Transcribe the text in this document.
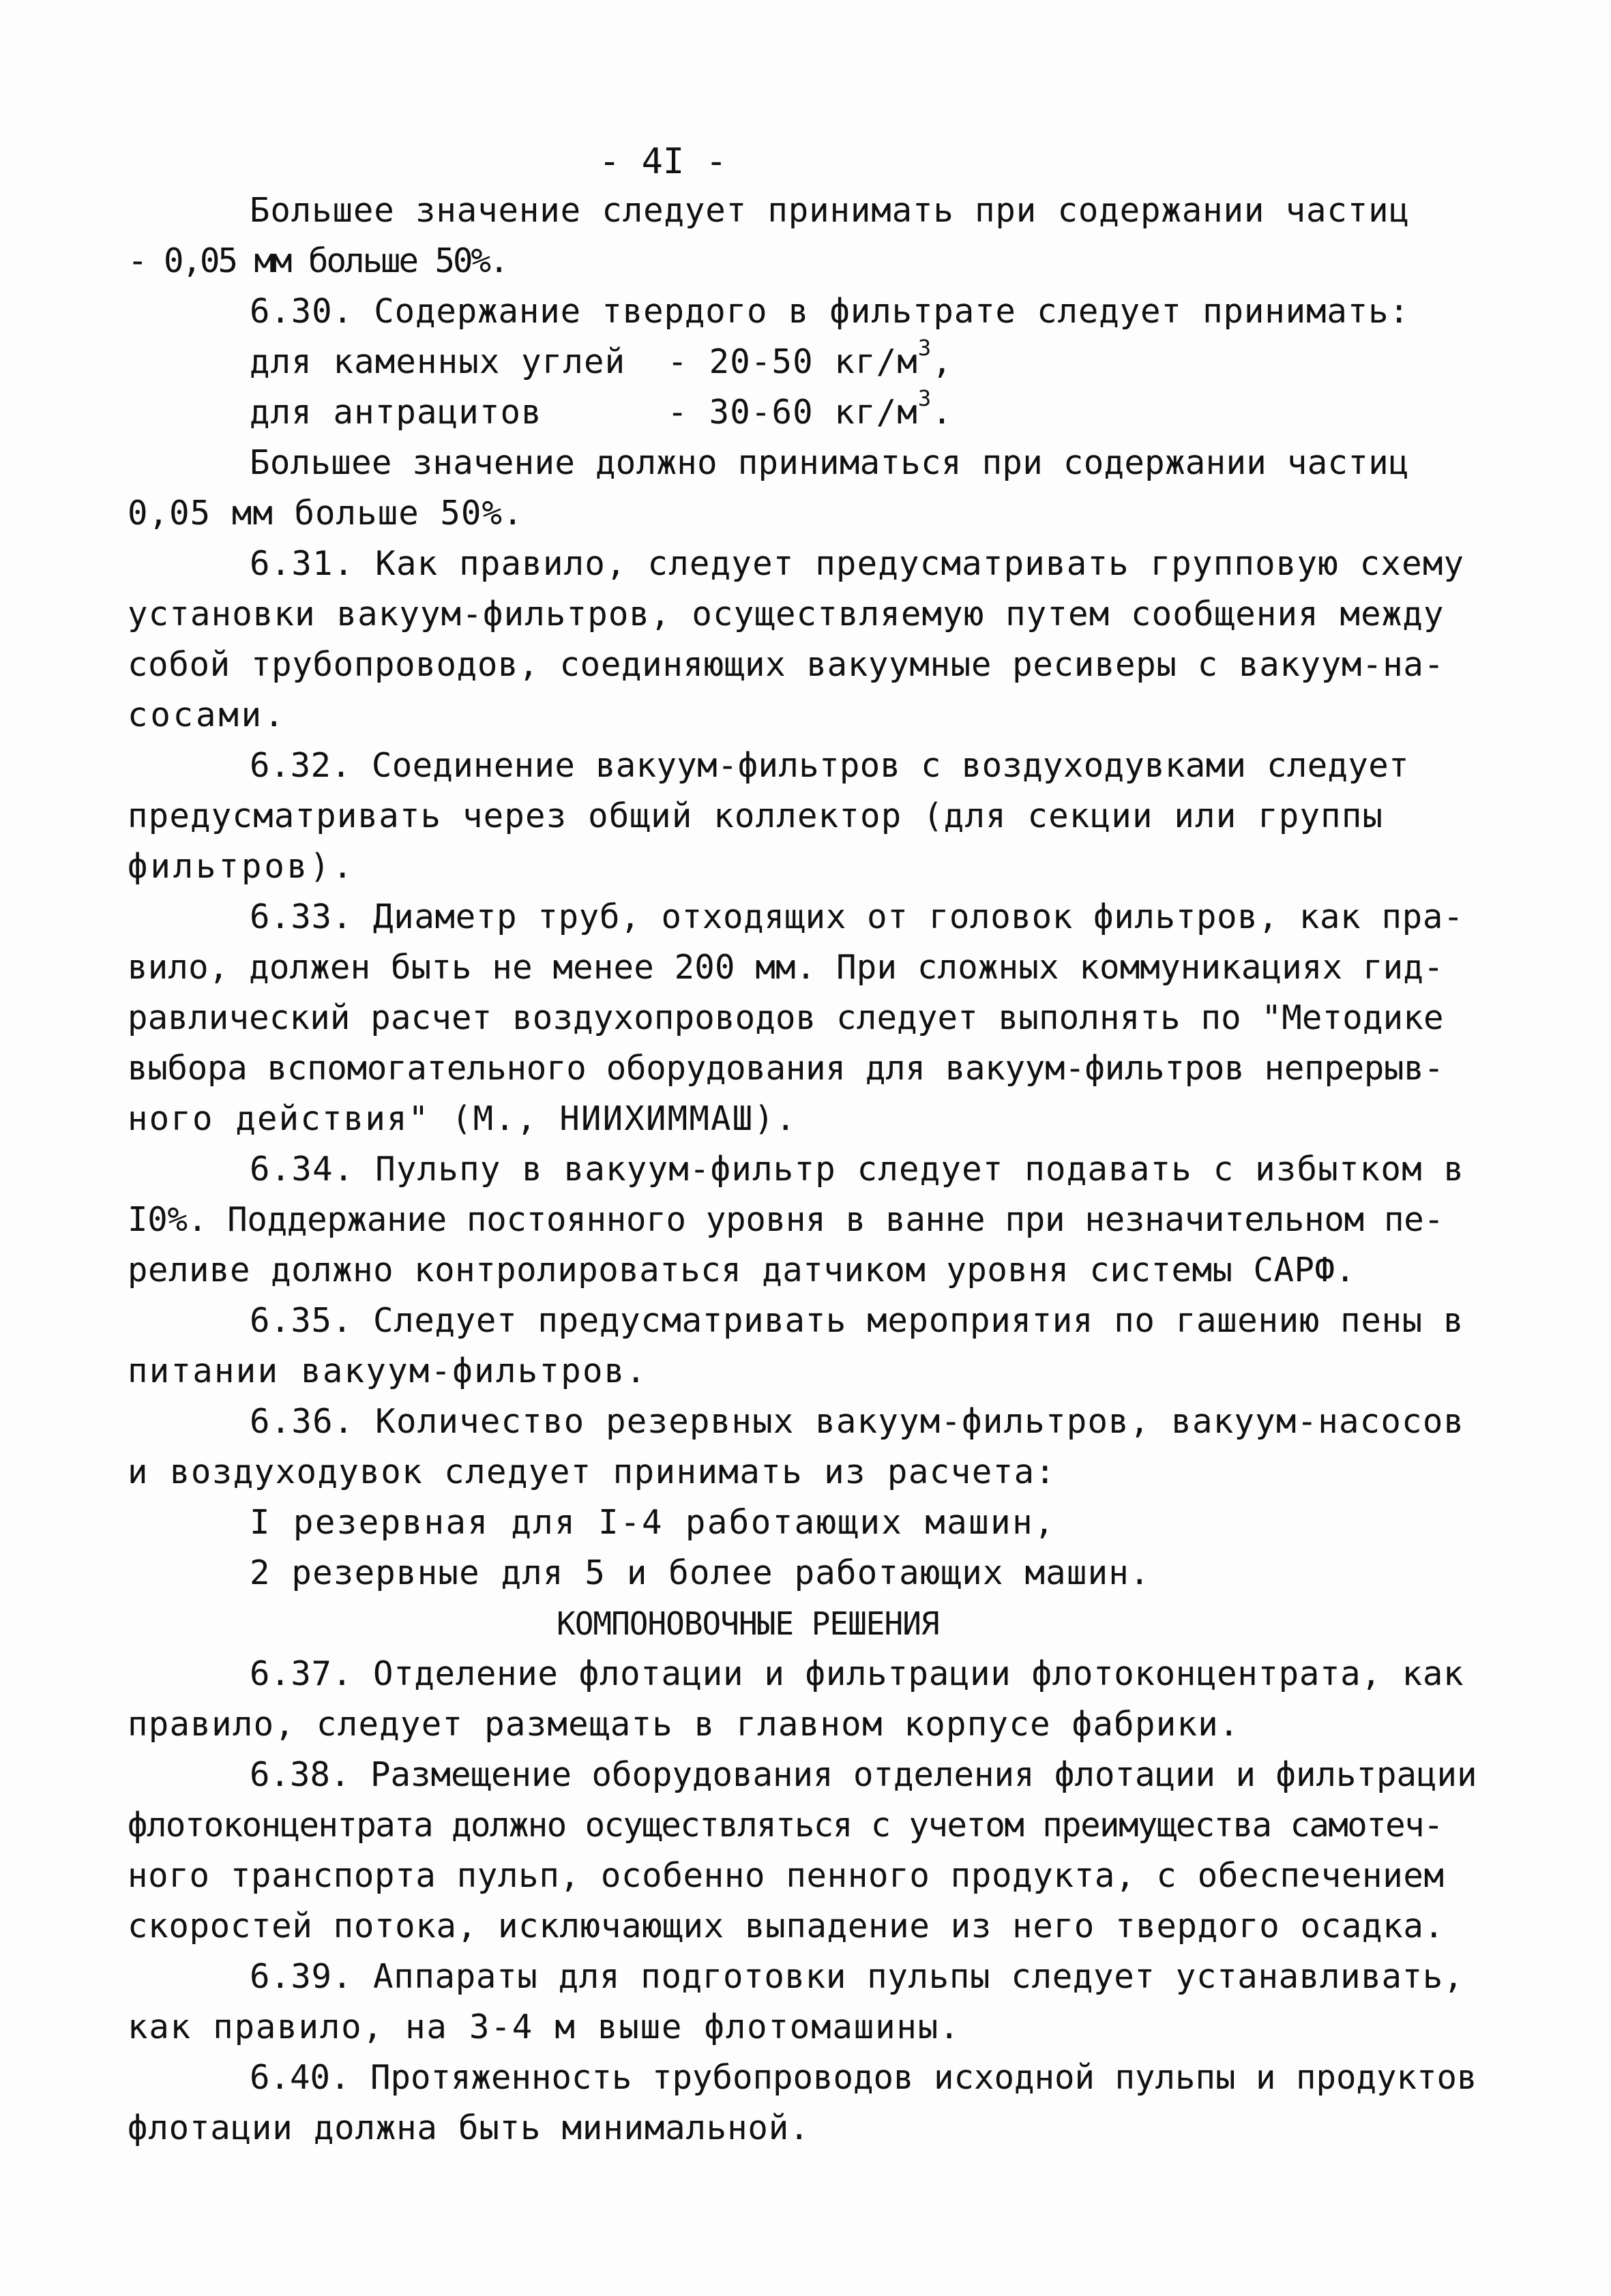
- 4I -
Большее значение следует принимать при содержании частиц
- 0,05 мм больше 50%.
6.30. Содержание твердого в фильтрате следует принимать:
для каменных углей  - 20-50 $кг/м^3$,
для антрацитов      - 30-60 $кг/м^3$.
Большее значение должно приниматься при содержании частиц
0,05 мм больше 50%.
6.31. Как правило, следует предусматривать групповую схему
установки вакуум-фильтров, осуществляемую путем сообщения между
собой трубопроводов, соединяющих вакуумные ресиверы с вакуум-на-
сосами.
6.32. Соединение вакуум-фильтров с воздуходувками следует
предусматривать через общий коллектор (для секции или группы
фильтров).
6.33. Диаметр труб, отходящих от головок фильтров, как пра-
вило, должен быть не менее 200 мм. При сложных коммуникациях гид-
равлический расчет воздухопроводов следует выполнять по "Методике
выбора вспомогательного оборудования для вакуум-фильтров непрерыв-
ного действия" (М., НИИХИММАШ).
6.34. Пульпу в вакуум-фильтр следует подавать с избытком в
I0%. Поддержание постоянного уровня в ванне при незначительном пе-
реливе должно контролироваться датчиком уровня системы САРФ.
6.35. Следует предусматривать мероприятия по гашению пены в
питании вакуум-фильтров.
6.36. Количество резервных вакуум-фильтров, вакуум-насосов
и воздуходувок следует принимать из расчета:
I резервная для I-4 работающих машин,
2 резервные для 5 и более работающих машин.
6.37. Отделение флотации и фильтрации флотоконцентрата, как
правило, следует размещать в главном корпусе фабрики.
6.38. Размещение оборудования отделения флотации и фильтрации
флотоконцентрата должно осуществляться с учетом преимущества самотеч-
ного транспорта пульп, особенно пенного продукта, с обеспечением
скоростей потока, исключающих выпадение из него твердого осадка.
6.39. Аппараты для подготовки пульпы следует устанавливать,
как правило, на 3-4 м выше флотомашины.
6.40. Протяженность трубопроводов исходной пульпы и продуктов
флотации должна быть минимальной.
КОМПОНОВОЧНЫЕ РЕШЕНИЯ
